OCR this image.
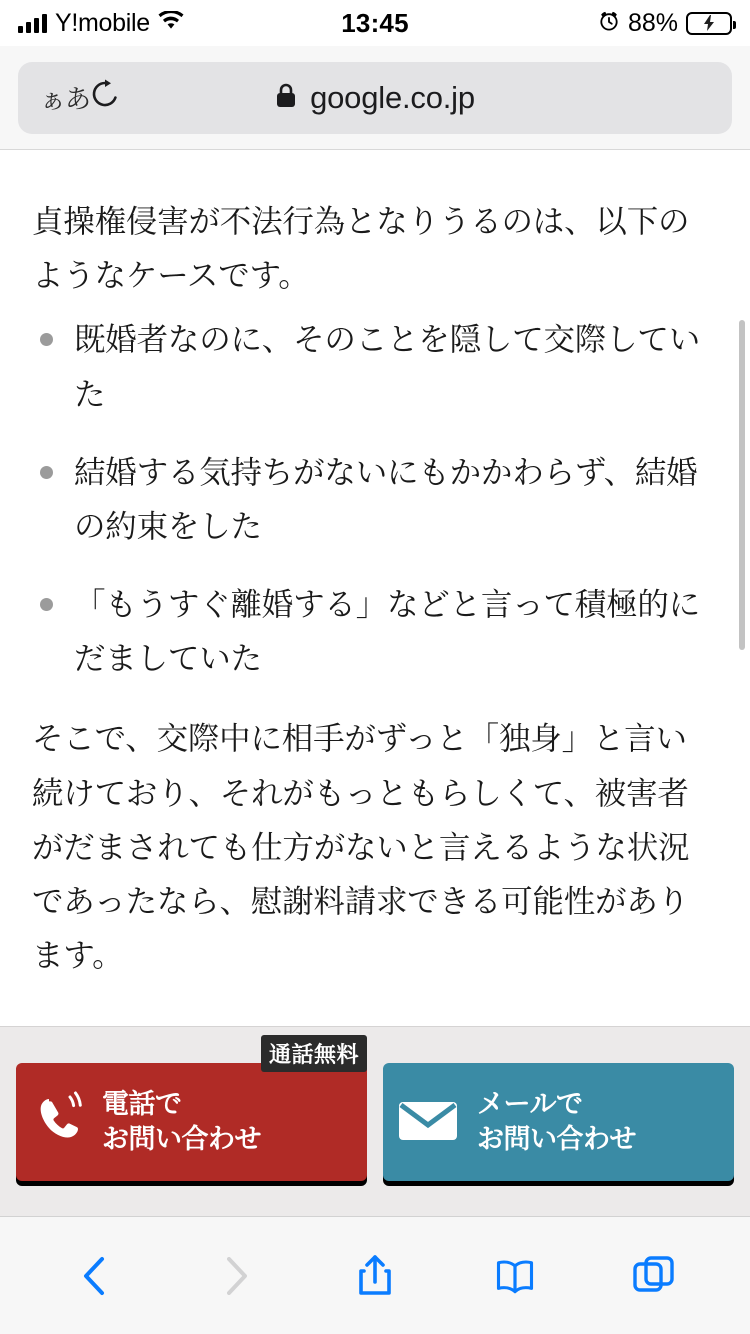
Y!mobile	13:45	88%
ぁあ	google.co.jp

貞操権侵害が不法行為となりうるのは、以下のようなケースです。

既婚者なのに、そのことを隠して交際していた
結婚する気持ちがないにもかかわらず、結婚の約束をした
「もうすぐ離婚する」などと言って積極的にだましていた

そこで、交際中に相手がずっと「独身」と言い続けており、それがもっともらしくて、被害者がだまされても仕方がないと言えるような状況であったなら、慰謝料請求できる可能性があります。

電話で
お問い合わせ
通話無料
メールで
お問い合わせ
